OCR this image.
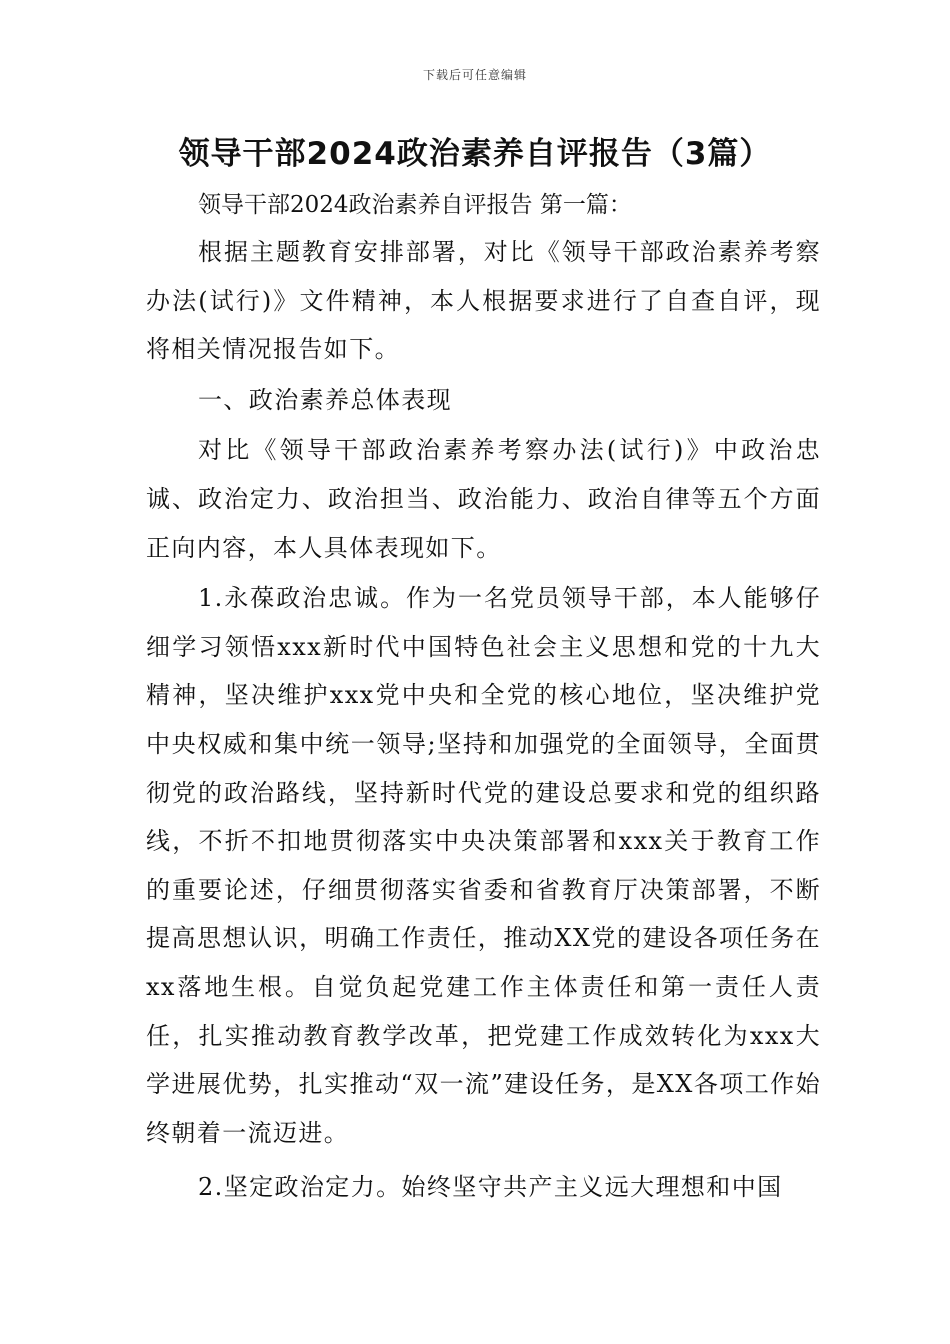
下载后可任意编辑
领导干部2024政治素养自评报告（3篇）
领导干部2024政治素养自评报告 第一篇：

根据主题教育安排部署，对比《领导干部政治素养考察办法(试行)》文件精神，本人根据要求进行了自查自评，现将相关情况报告如下。

一、政治素养总体表现

对比《领导干部政治素养考察办法(试行)》中政治忠诚、政治定力、政治担当、政治能力、政治自律等五个方面正向内容，本人具体表现如下。

1.永葆政治忠诚。作为一名党员领导干部，本人能够仔细学习领悟xxx新时代中国特色社会主义思想和党的十九大精神，坚决维护xxx党中央和全党的核心地位，坚决维护党中央权威和集中统一领导;坚持和加强党的全面领导，全面贯彻党的政治路线，坚持新时代党的建设总要求和党的组织路线，不折不扣地贯彻落实中央决策部署和xxx关于教育工作的重要论述，仔细贯彻落实省委和省教育厅决策部署，不断提高思想认识，明确工作责任，推动XX党的建设各项任务在xx落地生根。自觉负起党建工作主体责任和第一责任人责任，扎实推动教育教学改革，把党建工作成效转化为xxx大学进展优势，扎实推动“双一流”建设任务，是XX各项工作始终朝着一流迈进。

2.坚定政治定力。始终坚守共产主义远大理想和中国
